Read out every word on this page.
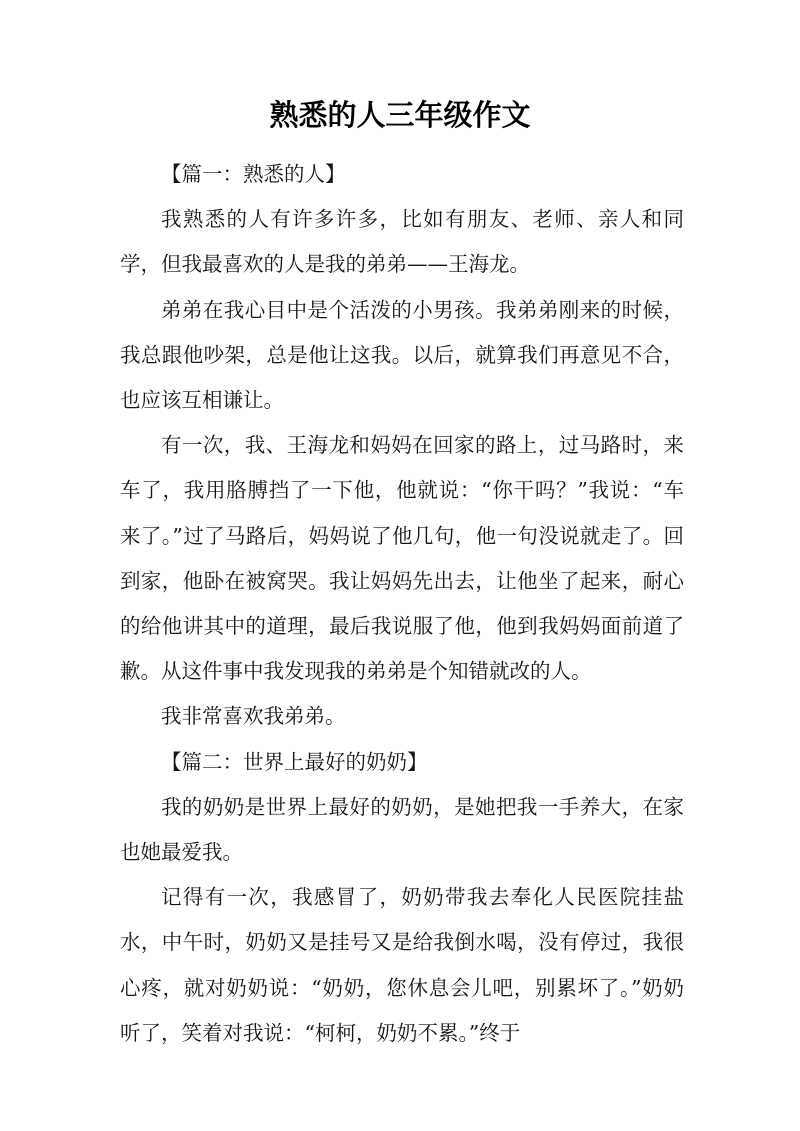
熟悉的人三年级作文

【篇一：熟悉的人】

我熟悉的人有许多许多，比如有朋友、老师、亲人和同学，但我最喜欢的人是我的弟弟——王海龙。

弟弟在我心目中是个活泼的小男孩。我弟弟刚来的时候，我总跟他吵架，总是他让这我。以后，就算我们再意见不合，也应该互相谦让。

有一次，我、王海龙和妈妈在回家的路上，过马路时，来车了，我用胳膊挡了一下他，他就说：“你干吗？”我说：“车来了。”过了马路后，妈妈说了他几句，他一句没说就走了。回到家，他卧在被窝哭。我让妈妈先出去，让他坐了起来，耐心的给他讲其中的道理，最后我说服了他，他到我妈妈面前道了歉。从这件事中我发现我的弟弟是个知错就改的人。

我非常喜欢我弟弟。

【篇二：世界上最好的奶奶】

我的奶奶是世界上最好的奶奶，是她把我一手养大，在家也她最爱我。

记得有一次，我感冒了，奶奶带我去奉化人民医院挂盐水，中午时，奶奶又是挂号又是给我倒水喝，没有停过，我很心疼，就对奶奶说：“奶奶，您休息会儿吧，别累坏了。”奶奶听了，笑着对我说：“柯柯，奶奶不累。”终于
